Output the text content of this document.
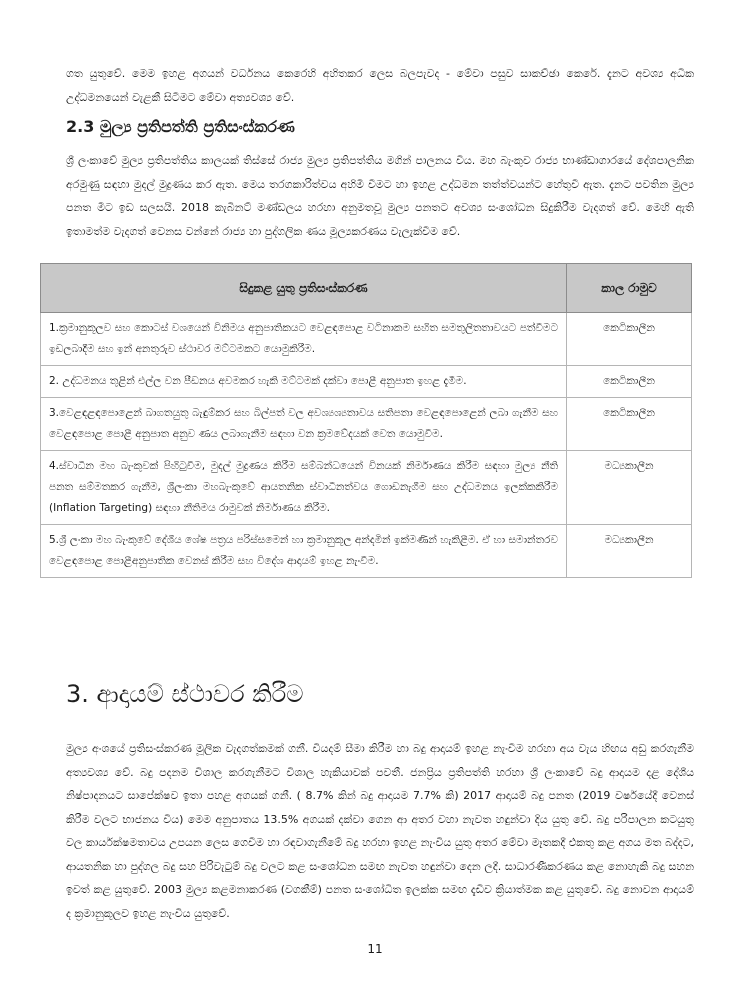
ගත යුතුවේ. මෙම ඉහළ අගයන් වර්ධනය කෙරෙහි අහිතකර ලෙස බලපැවද - මේවා පසුව සාකච්ඡා කෙරේ. දැනට අවශ්‍ය අධික උද්ධමනයෙන් වැළකී සිටීමට මේවා අත්‍යවශ්‍ය වේ.

2.3 මුල්‍ය ප්‍රතිපත්ති ප්‍රතිසංස්කරණ

ශ්‍රී ලංකාවේ මුල්‍ය ප්‍රතිපත්තිය කාලයක් තිස්සේ රාජ්‍ය මුල්‍ය ප්‍රතිපත්තිය මගින් පාලනය විය. මහ බැංකුව රාජ්‍ය භාණ්ඩාගාරයේ දේශපාලනික අරමුණු සඳහා මුදල් මුද්‍රණය කර ඇත. මෙය තරගකාරිත්වය අහිමි වීමට හා ඉහළ උද්ධමන තත්ත්වයන්ට හේතුවී ඇත. දැනට පවතින මුල්‍ය පනත මීට ඉඩ සලසයි. 2018 කැබිනට් මණ්ඩලය හරහා අනුමතවූ මුල්‍ය පනතට අවශ්‍ය සංශෝධන සිදුකිරීම වැදගත් වේ. මෙහි ඇති ඉතාමත්ම වැදගත් වෙනස වන්නේ රාජ්‍ය හා පුද්ගලික ණය මූල්‍යකරණය වැලැක්වීම වේ.

සිදුකළ යුතු ප්‍රතිසංස්කරණ	කාල රාමුව
1.ක්‍රමානුකූලව සහ කොටස් වශයෙන් විනිමය අනුපාතිකයට වෙළඳපොළ වටිනාකම සහිත සමතුලිතතාවයට පත්වීමට ඉඩලබාදීම සහ ඉන් අනතුරුව ස්ථාවර මට්ටමකට යොමුකිරීම.	කෙටිකාලීන
2. උද්ධමනය තුළින් එල්ල වන පීඩනය අවමකර හැකි මට්ටමක් දක්වා පොළී අනුපාත ඉහළ දැමීම.	කෙටිකාලීන
3.වෙළඳළඳපොළෙන් බාගතයුතු බැඳුම්කර සහ බිල්පත් වල අවශ්‍යශ්‍යතාවය සතිපතා වෙළඳපොළෙන් ලබා ගැනීම සහ වෙළඳපොළ පොළී අනුපාත අනුව ණය ලබාගැනීම සඳහා වන ක්‍රමවේදයක් වෙත යොමුවීම.	කෙටිකාලීන
4.ස්වාධීන මහ බැංකුවක් පිහිටුවීම, මුදල් මුද්‍රණය කිරීම සම්බන්ධයෙන් විනයක් නිර්මාණය කිරීම සඳහා මුල්‍ය නීති පනත සම්මතකර ගැනීම, ශ්‍රීලංකා මහබැංකුවේ ආයතනික ස්වාධීනත්වය ගොඩනැගීම සහ උද්ධමනය ඉලක්කකිරීම (Inflation Targeting) සඳහා නීතිමය රාමුවක් නිර්මාණය කිරීම.	මධ්‍යකාලීන
5.ශ්‍රී ලංකා මහ බැංකුවේ දේශීය ශේෂ පත්‍රය පරිස්සමෙන් හා ක්‍රමානුකූල අන්දමින් ඉක්මණින් හැකිළීම. ඒ හා සමාන්තරව වෙළඳපොළ පොළීඅනුපාතික වෙනස් කිරීම සහ විදේශ ආදායම් ඉහළ නැංවීම.	මධ්‍යකාලීන
3. ආදායම් ස්ථාවර කිරීම

මුල්‍ය අංශයේ ප්‍රතිසංස්කරණ මූලික වැදගත්කමක් ගනී. වියදම් සීමා කිරීම හා බදු ආදායම් ඉහළ නැංවීම හරහා අය වැය හිඟය අඩු කරගැනීම අත්‍යවශ්‍ය වේ. බදු පදනම විශාල කරගැනීමට විශාල හැකියාවක් පවතී. ජනප්‍රිය ප්‍රතිපත්ති හරහා ශ්‍රී ලංකාවේ බදු ආදායම දළ දේශීය නිෂ්පාදනයට සාපේක්ෂව ඉතා පහළ අගයක් ගනී. ( 8.7% කින් බදු ආදායම 7.7% කි) 2017 ආදායම් බදු පනත (2019 වර්ෂයේදී වෙනස් කිරීම වලට භාජනය විය) මෙම අනුපාතය 13.5% අගයක් දක්වා ගෙන ආ අතර වහා නැවත හඳුන්වා දිය යුතු වේ. බදු පරිපාලන කටයුතු වල කාර්යක්ෂමතාවය උපයන ලෙස ගෙවීම හා රඳවාගැනීමේ බදු හරහා ඉහළ නැංවිය යුතු අතර මේවා මෑතකදී එකතු කළ අගය මත බද්දට, ආයතනික හා පුද්ගල බදු සහ පිරිවැටුම් බදු වලට කළ සංශෝධන සමඟ නැවත හඳුන්වා දෙන ලදී. සාධාරණීකරණය කළ නොහැකි බදු සහන ඉවත් කළ යුතුවේ. 2003 මුල්‍ය කළමනාකරණ (වගකීම්) පනත සංශෝධිත ඉලක්ක සමඟ දැඩිව ක්‍රියාත්මක කළ යුතුවේ. බදු නොවන ආදායම් ද ක්‍රමානුකූලව ඉහළ නැංවිය යුතුවේ.

11
